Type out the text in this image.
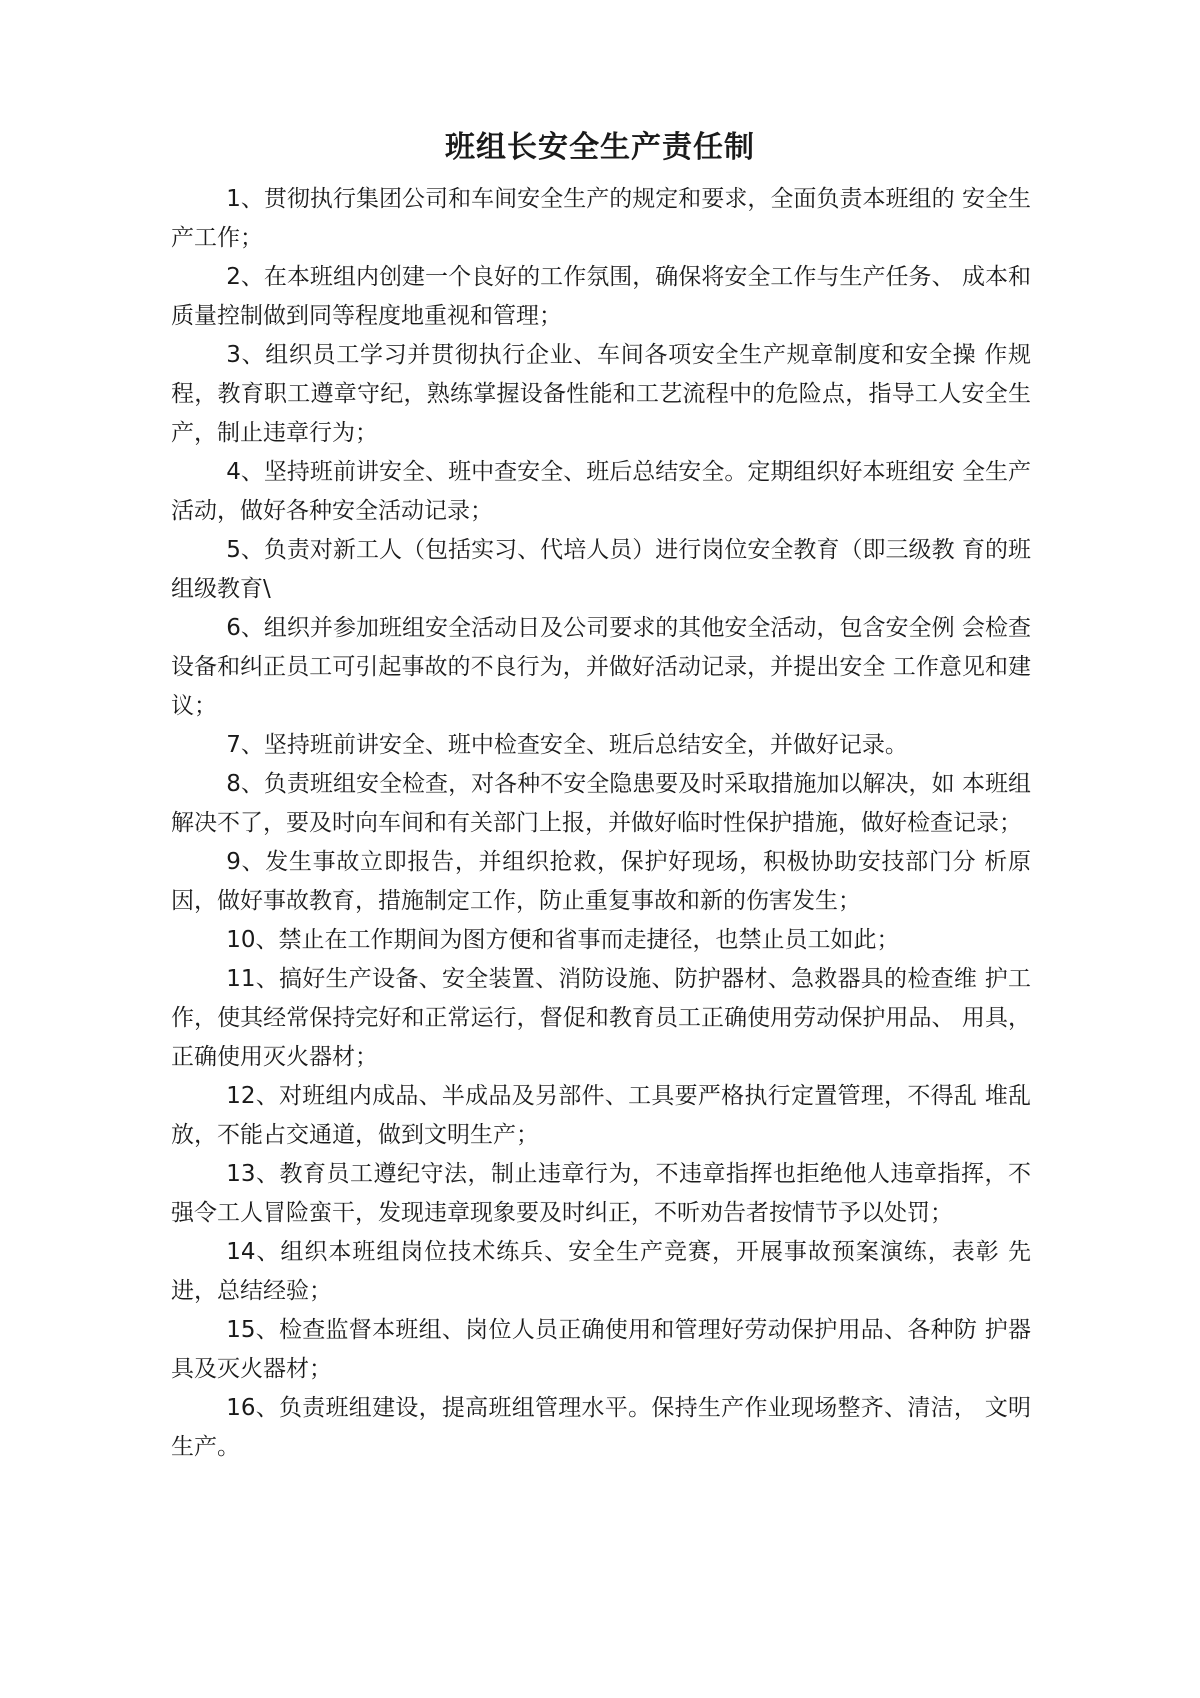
班组长安全生产责任制
1、贯彻执行集团公司和车间安全生产的规定和要求，全面负责本班组的 安全生产工作；
2、在本班组内创建一个良好的工作氛围，确保将安全工作与生产任务、 成本和质量控制做到同等程度地重视和管理；
3、组织员工学习并贯彻执行企业、车间各项安全生产规章制度和安全操 作规程，教育职工遵章守纪，熟练掌握设备性能和工艺流程中的危险点，指导工人安全生产，制止违章行为；
4、坚持班前讲安全、班中查安全、班后总结安全。定期组织好本班组安 全生产活动，做好各种安全活动记录；
5、负责对新工人（包括实习、代培人员）进行岗位安全教育（即三级教 育的班组级教育\
6、组织并参加班组安全活动日及公司要求的其他安全活动，包含安全例 会检查设备和纠正员工可引起事故的不良行为，并做好活动记录，并提出安全 工作意见和建议；
7、坚持班前讲安全、班中检查安全、班后总结安全，并做好记录。
8、负责班组安全检查，对各种不安全隐患要及时采取措施加以解决，如 本班组解决不了，要及时向车间和有关部门上报，并做好临时性保护措施，做好检查记录；
9、发生事故立即报告，并组织抢救，保护好现场，积极协助安技部门分 析原因，做好事故教育，措施制定工作，防止重复事故和新的伤害发生；
10、禁止在工作期间为图方便和省事而走捷径，也禁止员工如此；
11、搞好生产设备、安全装置、消防设施、防护器材、急救器具的检查维 护工作，使其经常保持完好和正常运行，督促和教育员工正确使用劳动保护用品、 用具，正确使用灭火器材；
12、对班组内成品、半成品及另部件、工具要严格执行定置管理，不得乱 堆乱放，不能占交通道，做到文明生产；
13、教育员工遵纪守法，制止违章行为，不违章指挥也拒绝他人违章指挥，不强令工人冒险蛮干，发现违章现象要及时纠正，不听劝告者按情节予以处罚；
14、组织本班组岗位技术练兵、安全生产竞赛，开展事故预案演练，表彰 先进，总结经验；
15、检查监督本班组、岗位人员正确使用和管理好劳动保护用品、各种防 护器具及灭火器材；
16、负责班组建设，提高班组管理水平。保持生产作业现场整齐、清洁， 文明生产。
